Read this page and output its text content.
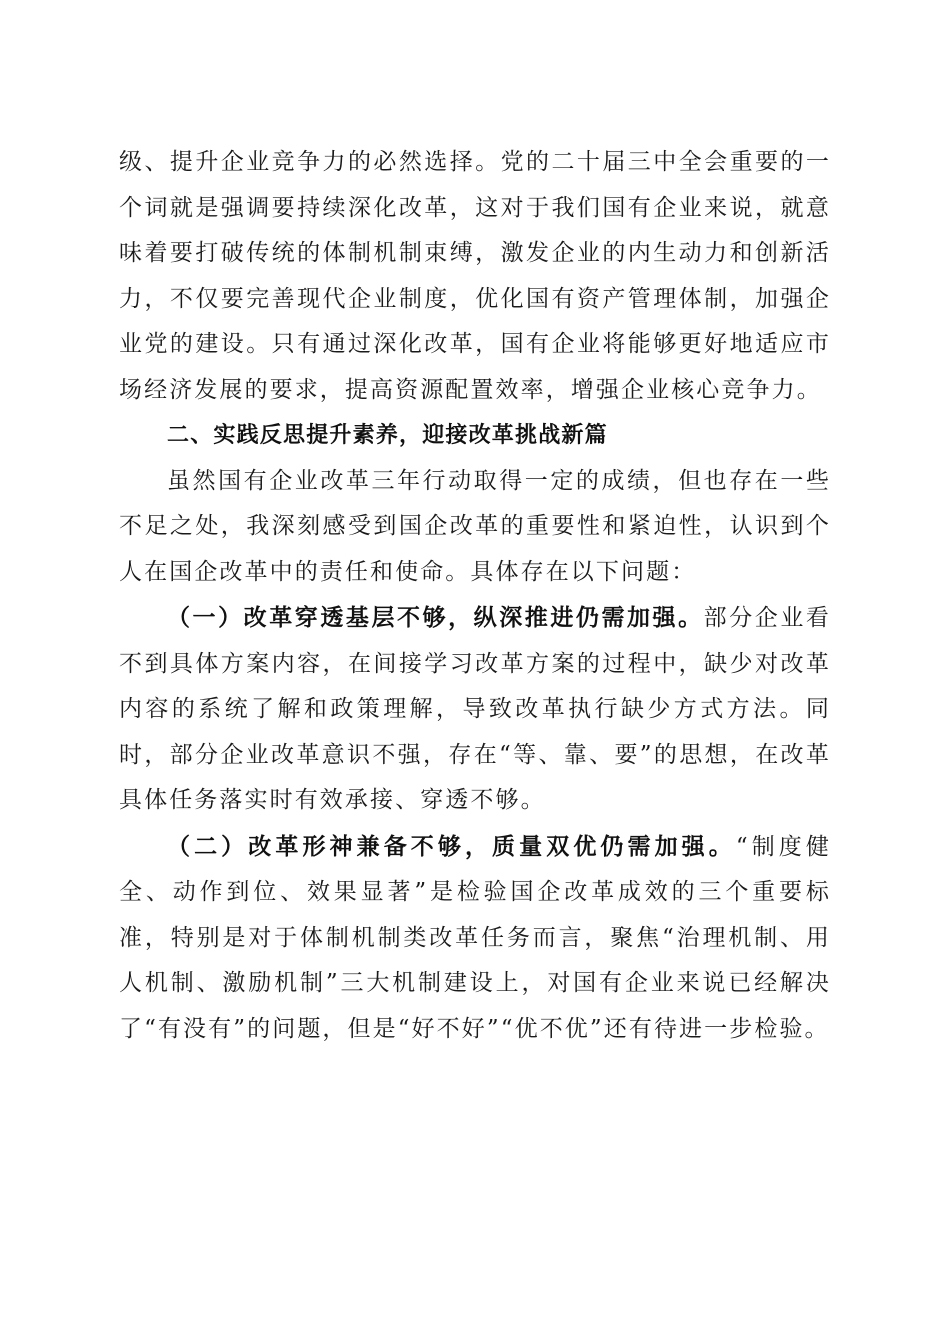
级、提升企业竞争力的必然选择。党的二十届三中全会重要的一个词就是强调要持续深化改革，这对于我们国有企业来说，就意味着要打破传统的体制机制束缚，激发企业的内生动力和创新活力，不仅要完善现代企业制度，优化国有资产管理体制，加强企业党的建设。只有通过深化改革，国有企业将能够更好地适应市场经济发展的要求，提高资源配置效率，增强企业核心竞争力。

二、实践反思提升素养，迎接改革挑战新篇

虽然国有企业改革三年行动取得一定的成绩，但也存在一些不足之处，我深刻感受到国企改革的重要性和紧迫性，认识到个人在国企改革中的责任和使命。具体存在以下问题：

（一）改革穿透基层不够，纵深推进仍需加强。部分企业看不到具体方案内容，在间接学习改革方案的过程中，缺少对改革内容的系统了解和政策理解，导致改革执行缺少方式方法。同时，部分企业改革意识不强，存在“等、靠、要”的思想，在改革具体任务落实时有效承接、穿透不够。

（二）改革形神兼备不够，质量双优仍需加强。“制度健全、动作到位、效果显著”是检验国企改革成效的三个重要标准，特别是对于体制机制类改革任务而言，聚焦“治理机制、用人机制、激励机制”三大机制建设上，对国有企业来说已经解决了“有没有”的问题，但是“好不好”“优不优”还有待进一步检验。
